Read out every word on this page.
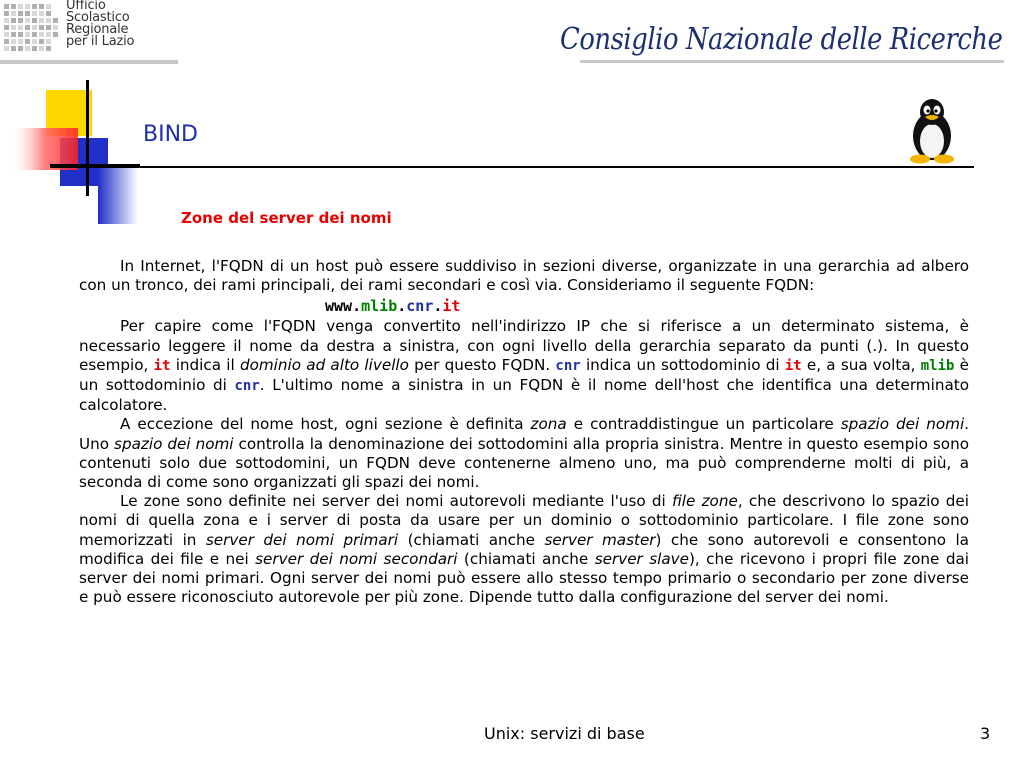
Ufficio
Scolastico
Regionale
per il Lazio	Consiglio Nazionale delle Ricerche
BIND
Zone del server dei nomi

In Internet, l'FQDN di un host può essere suddiviso in sezioni diverse, organizzate in una gerarchia ad albero con un tronco, dei rami principali, dei rami secondari e così via. Consideriamo il seguente FQDN:

www.mlib.cnr.it

Per capire come l'FQDN venga convertito nell'indirizzo IP che si riferisce a un determinato sistema, è necessario leggere il nome da destra a sinistra, con ogni livello della gerarchia separato da punti (.). In questo esempio, it indica il dominio ad alto livello per questo FQDN. cnr indica un sottodominio di it e, a sua volta, mlib è un sottodominio di cnr. L'ultimo nome a sinistra in un FQDN è il nome dell'host che identifica una determinato calcolatore.

A eccezione del nome host, ogni sezione è definita zona e contraddistingue un particolare spazio dei nomi. Uno spazio dei nomi controlla la denominazione dei sottodomini alla propria sinistra. Mentre in questo esempio sono contenuti solo due sottodomini, un FQDN deve contenerne almeno uno, ma può comprenderne molti di più, a seconda di come sono organizzati gli spazi dei nomi.

Le zone sono definite nei server dei nomi autorevoli mediante l'uso di file zone, che descrivono lo spazio dei nomi di quella zona e i server di posta da usare per un dominio o sottodominio particolare. I file zone sono memorizzati in server dei nomi primari (chiamati anche server master) che sono autorevoli e consentono la modifica dei file e nei server dei nomi secondari (chiamati anche server slave), che ricevono i propri file zone dai server dei nomi primari. Ogni server dei nomi può essere allo stesso tempo primario o secondario per zone diverse e può essere riconosciuto autorevole per più zone. Dipende tutto dalla configurazione del server dei nomi.

Unix: servizi di base	3
